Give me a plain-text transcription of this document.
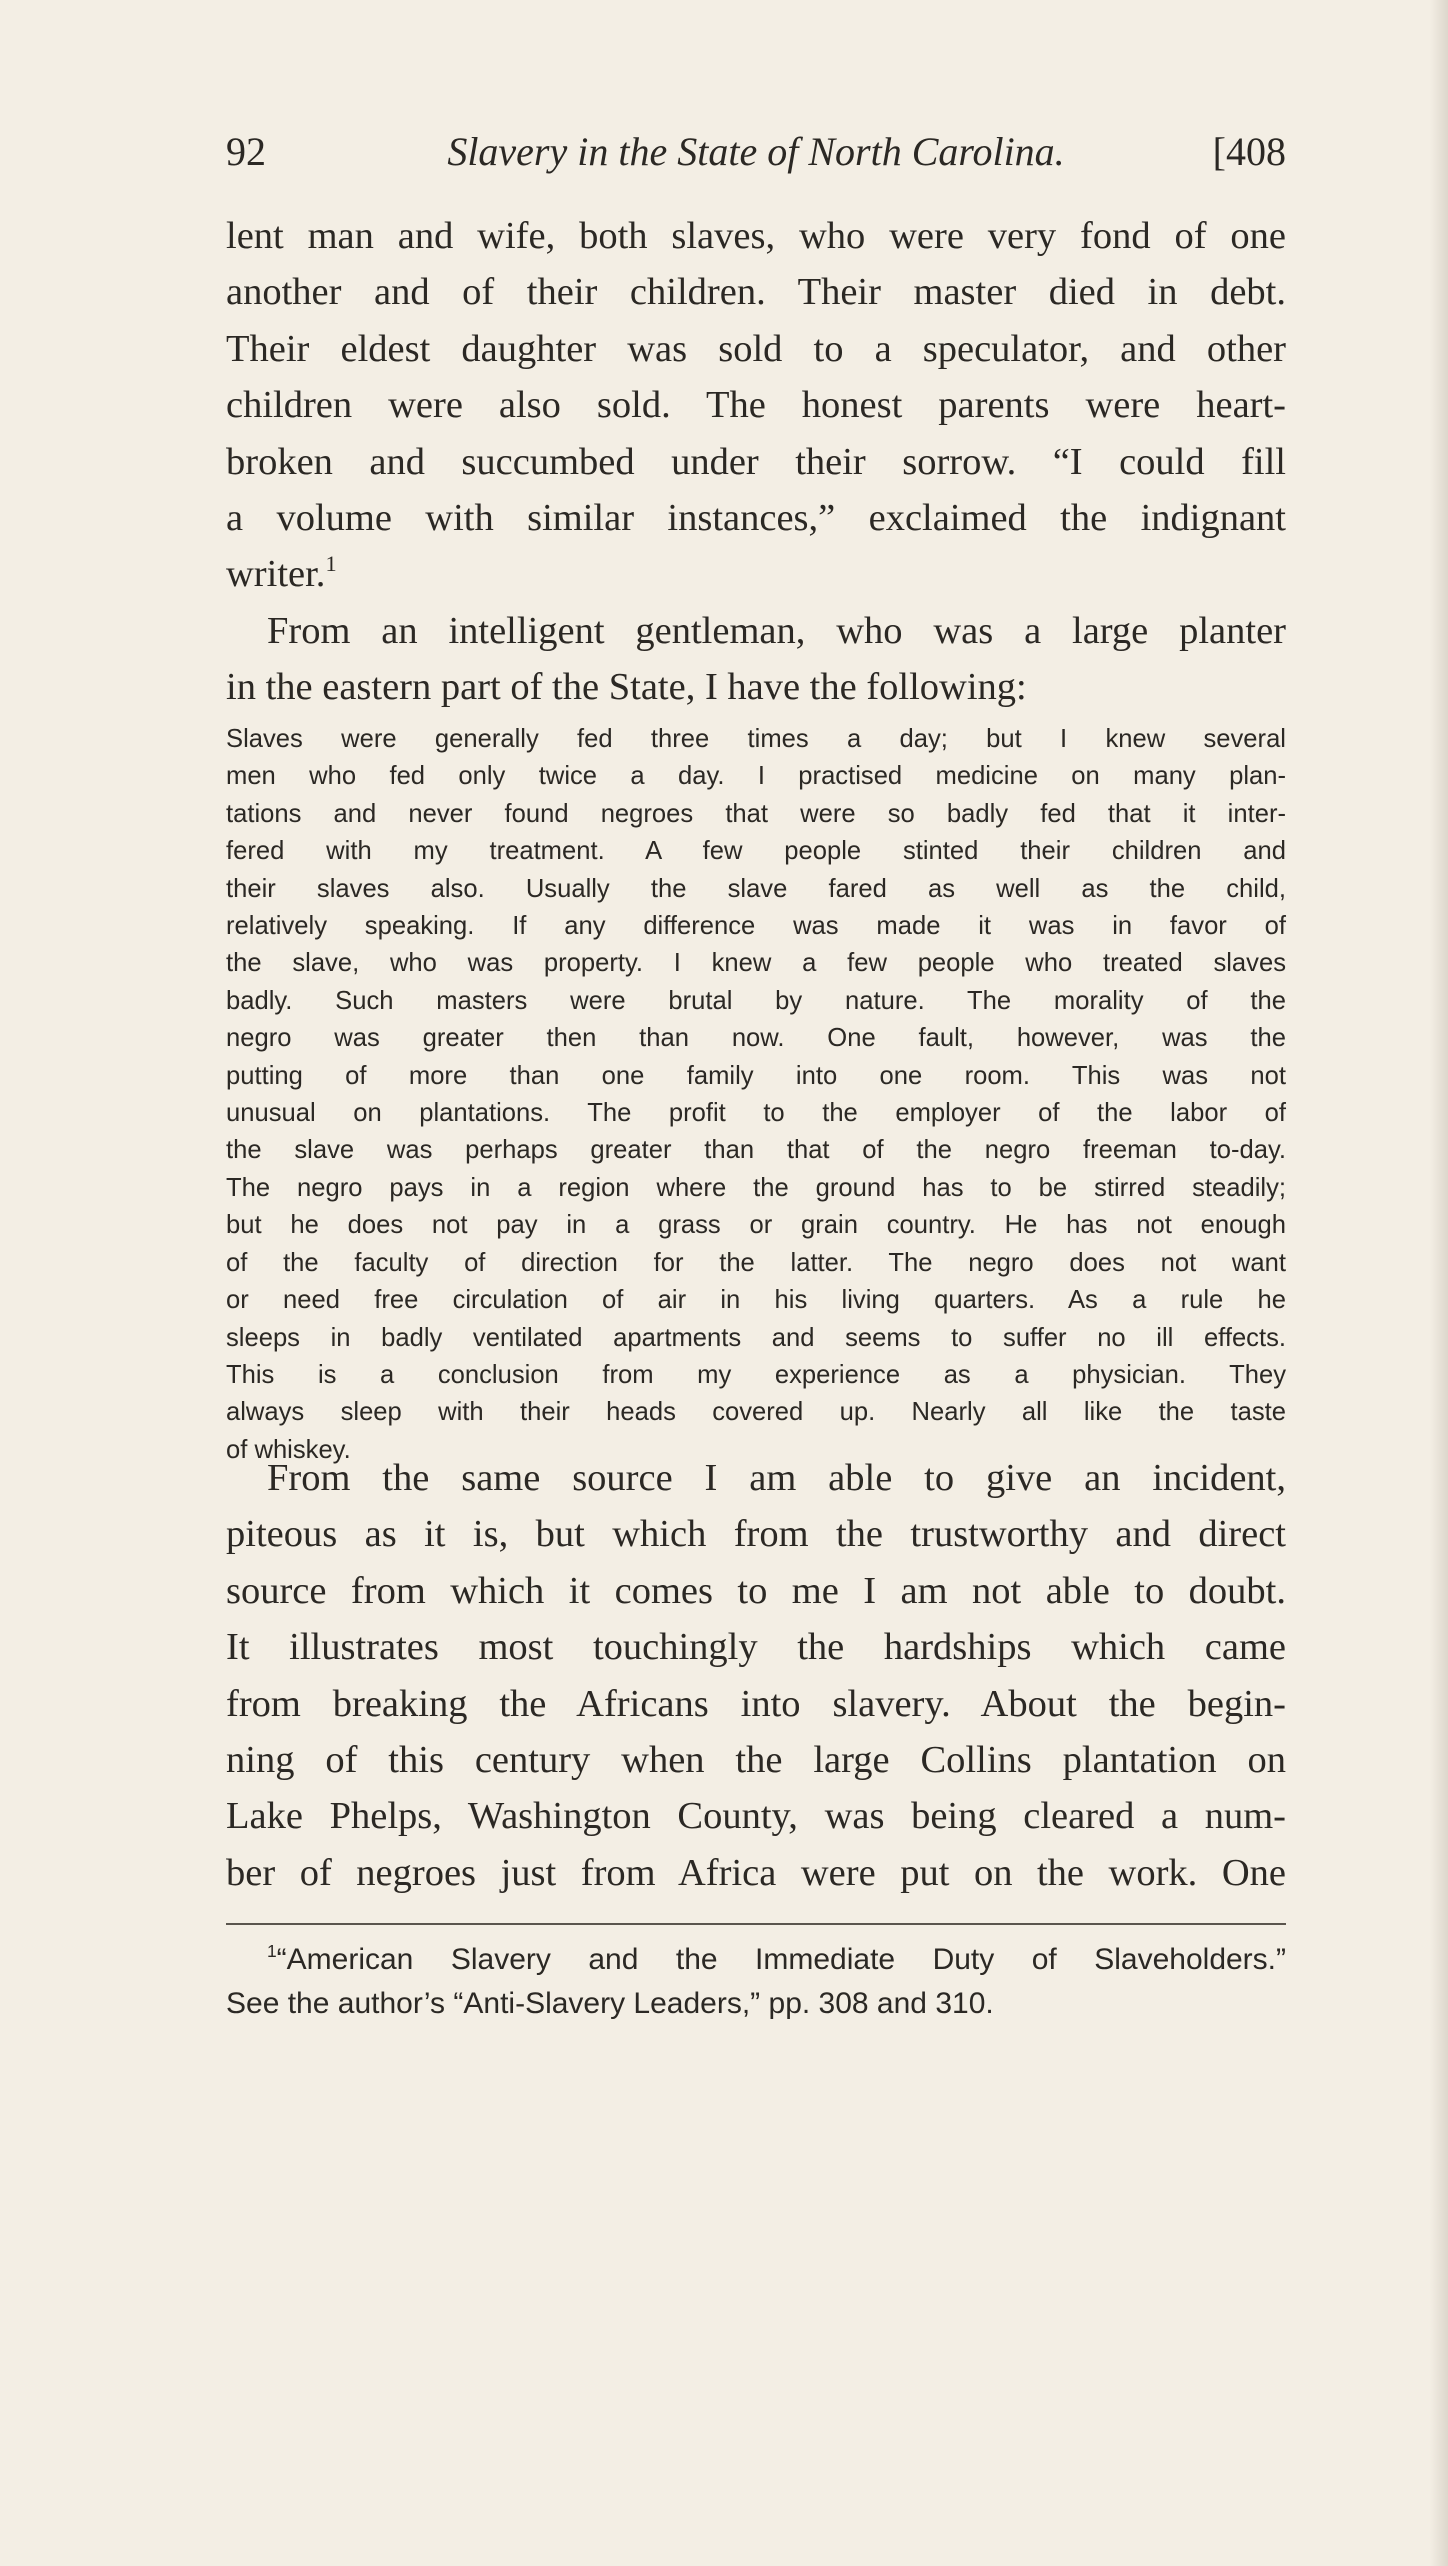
92	Slavery in the State of North Carolina.	[408
lent man and wife, both slaves, who were very fond of one
another and of their children. Their master died in debt.
Their eldest daughter was sold to a speculator, and other
children were also sold. The honest parents were heart-
broken and succumbed under their sorrow. “I could fill
a volume with similar instances,” exclaimed the indignant
writer.$^1$
From an intelligent gentleman, who was a large planter
in the eastern part of the State, I have the following:
Slaves were generally fed three times a day; but I knew several
men who fed only twice a day. I practised medicine on many plan-
tations and never found negroes that were so badly fed that it inter-
fered with my treatment. A few people stinted their children and
their slaves also. Usually the slave fared as well as the child,
relatively speaking. If any difference was made it was in favor of
the slave, who was property. I knew a few people who treated slaves
badly. Such masters were brutal by nature. The morality of the
negro was greater then than now. One fault, however, was the
putting of more than one family into one room. This was not
unusual on plantations. The profit to the employer of the labor of
the slave was perhaps greater than that of the negro freeman to-day.
The negro pays in a region where the ground has to be stirred steadily;
but he does not pay in a grass or grain country. He has not enough
of the faculty of direction for the latter. The negro does not want
or need free circulation of air in his living quarters. As a rule he
sleeps in badly ventilated apartments and seems to suffer no ill effects.
This is a conclusion from my experience as a physician. They
always sleep with their heads covered up. Nearly all like the taste
of whiskey.
From the same source I am able to give an incident,
piteous as it is, but which from the trustworthy and direct
source from which it comes to me I am not able to doubt.
It illustrates most touchingly the hardships which came
from breaking the Africans into slavery. About the begin-
ning of this century when the large Collins plantation on
Lake Phelps, Washington County, was being cleared a num-
ber of negroes just from Africa were put on the work. One
$^1$“American Slavery and the Immediate Duty of Slaveholders.”
See the author’s “Anti-Slavery Leaders,” pp. 308 and 310.
